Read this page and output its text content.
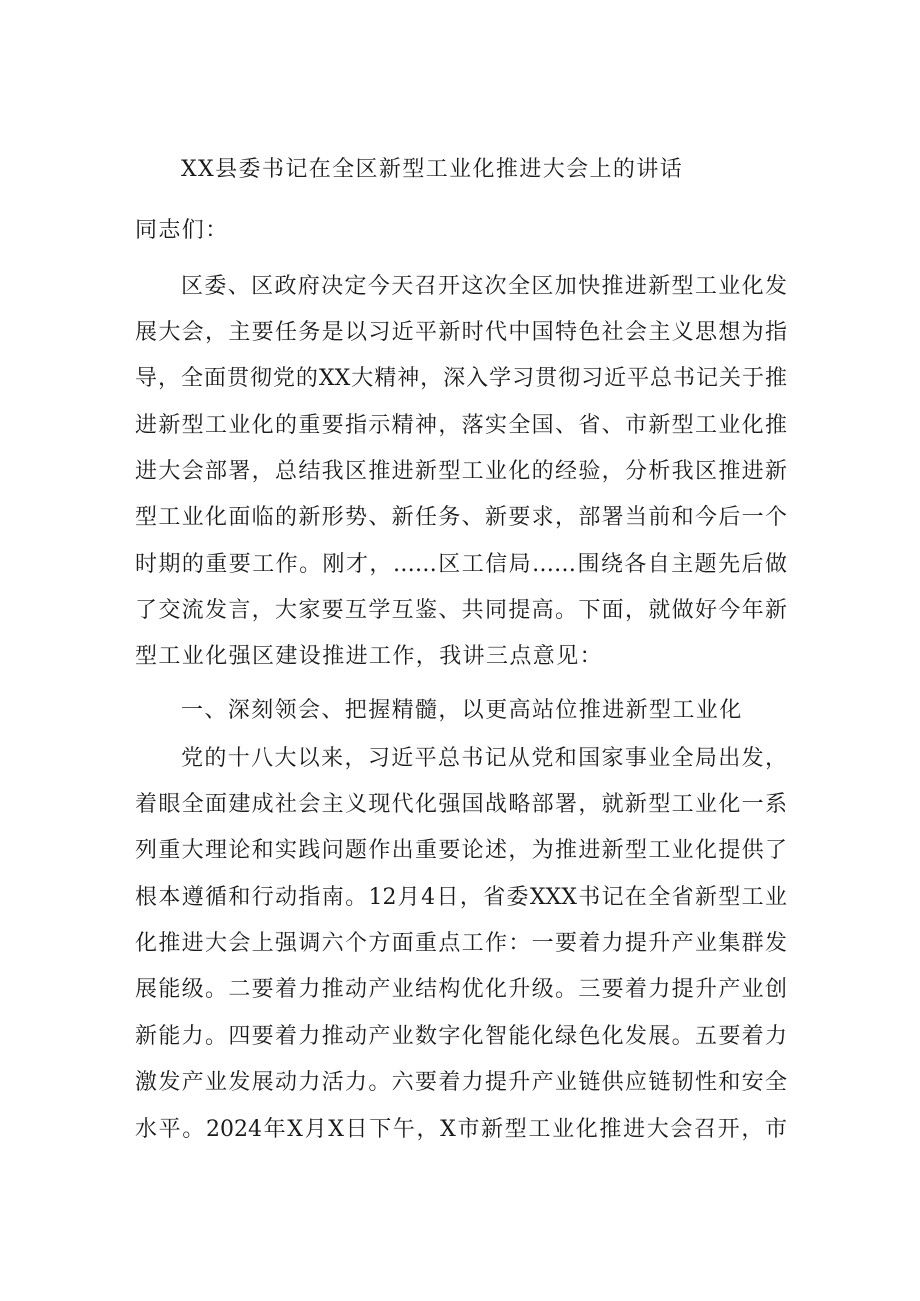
XX县委书记在全区新型工业化推进大会上的讲话

同志们：

区委、区政府决定今天召开这次全区加快推进新型工业化发

展大会，主要任务是以习近平新时代中国特色社会主义思想为指

导，全面贯彻党的XX大精神，深入学习贯彻习近平总书记关于推

进新型工业化的重要指示精神，落实全国、省、市新型工业化推

进大会部署，总结我区推进新型工业化的经验，分析我区推进新

型工业化面临的新形势、新任务、新要求，部署当前和今后一个

时期的重要工作。刚才，……区工信局……围绕各自主题先后做

了交流发言，大家要互学互鉴、共同提高。下面，就做好今年新

型工业化强区建设推进工作，我讲三点意见：

一、深刻领会、把握精髓，以更高站位推进新型工业化

党的十八大以来，习近平总书记从党和国家事业全局出发，

着眼全面建成社会主义现代化强国战略部署，就新型工业化一系

列重大理论和实践问题作出重要论述，为推进新型工业化提供了

根本遵循和行动指南。12月4日，省委XXX书记在全省新型工业

化推进大会上强调六个方面重点工作：一要着力提升产业集群发

展能级。二要着力推动产业结构优化升级。三要着力提升产业创

新能力。四要着力推动产业数字化智能化绿色化发展。五要着力

激发产业发展动力活力。六要着力提升产业链供应链韧性和安全

水平。2024年X月X日下午，X市新型工业化推进大会召开，市
